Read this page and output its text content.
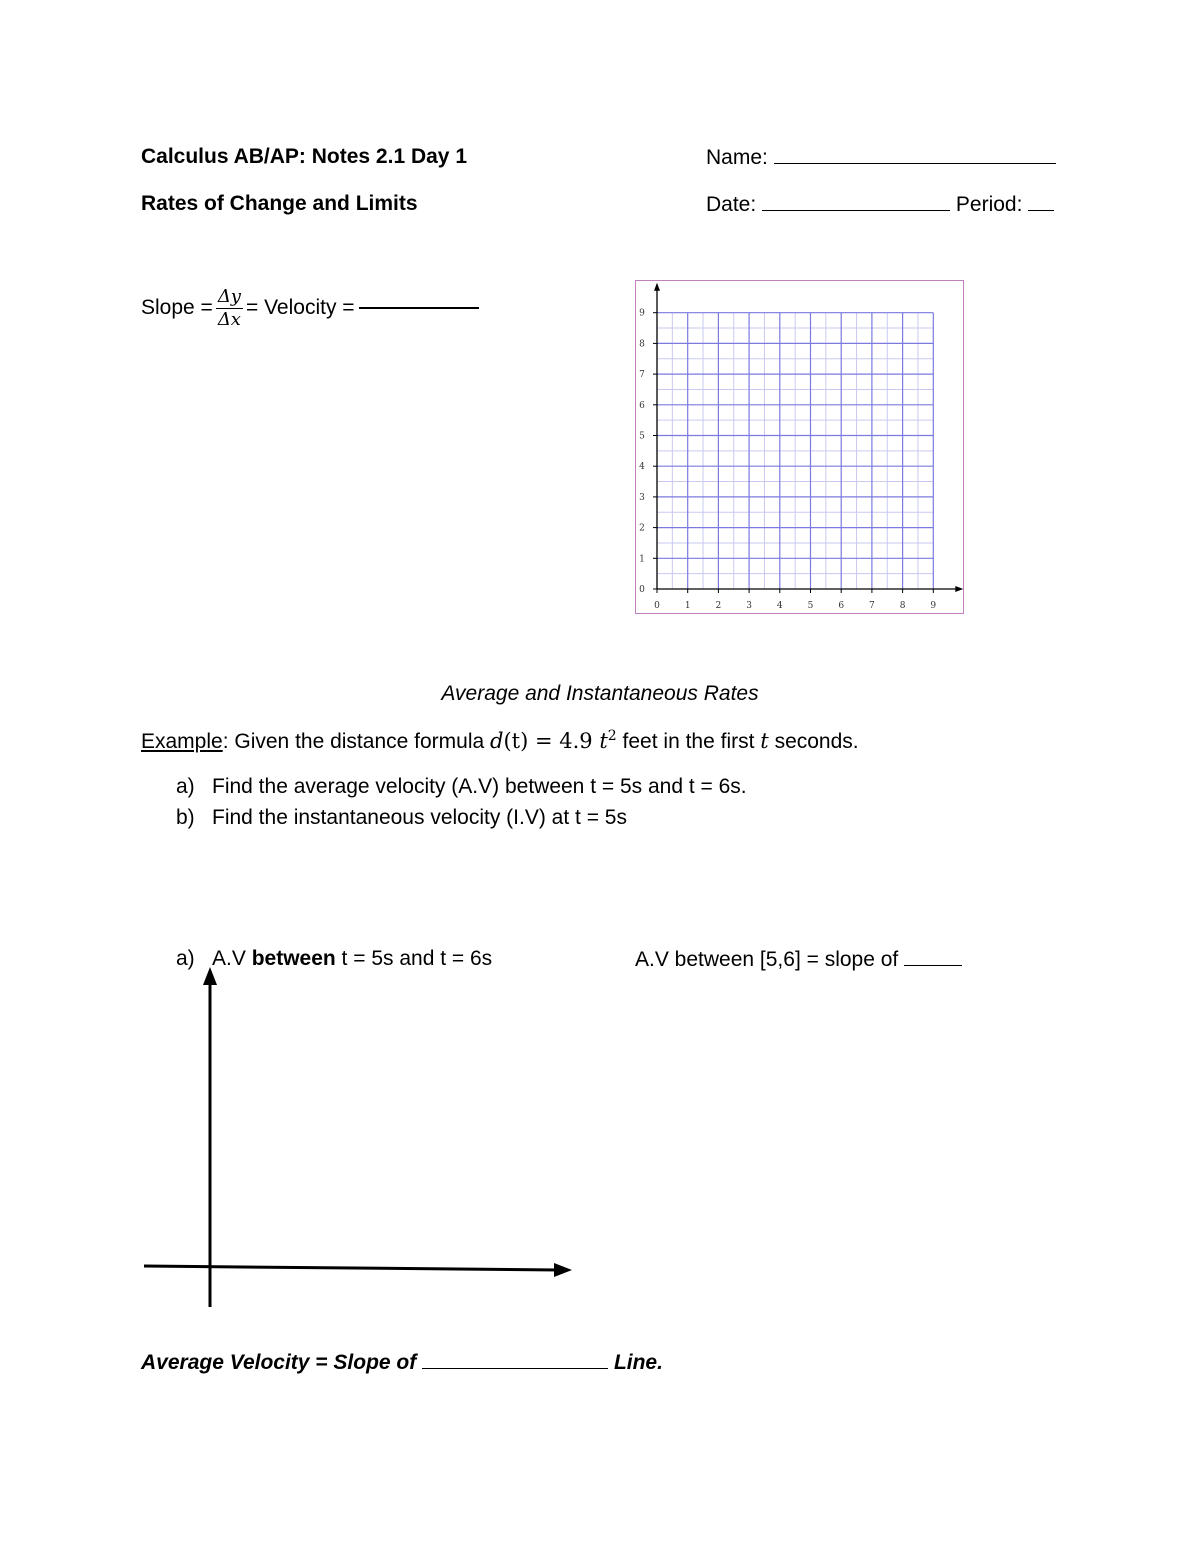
Calculus AB/AP: Notes 2.1 Day 1
Rates of Change and Limits
Name:
Date:	Period:
Slope = $\frac{\Delta y}{\Delta x}$ = Velocity =
0	1	2	3	4	5	6	7	8	9
0
1
2
3
4
5
6
7
8
9
Average and Instantaneous Rates
Example: Given the distance formula d(t) = 4.9 $t^2$ feet in the first t seconds.
a) Find the average velocity (A.V) between t = 5s and t = 6s.
b) Find the instantaneous velocity (I.V) at t = 5s
a) A.V between t = 5s and t = 6s	A.V between [5,6] = slope of
Average Velocity = Slope of	Line.
